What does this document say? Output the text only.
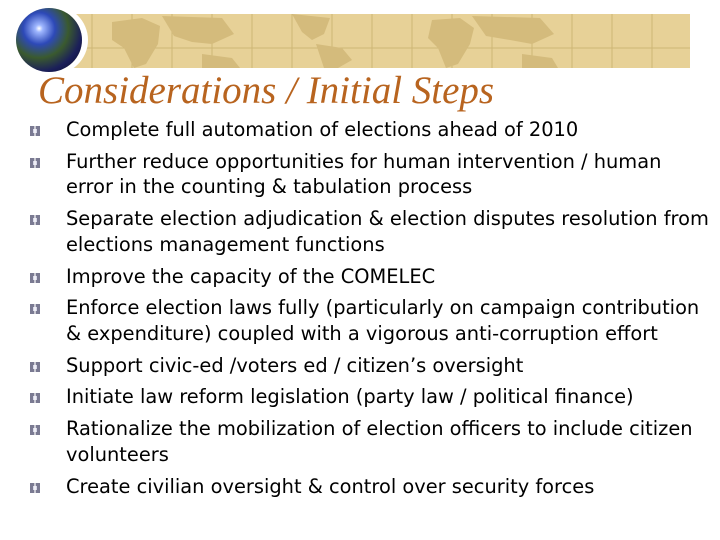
Considerations / Initial Steps
Complete full automation of elections ahead of 2010
Further reduce opportunities for human intervention / human error in the counting & tabulation process
Separate election adjudication & election disputes resolution from elections management functions
Improve the capacity of the COMELEC
Enforce election laws fully (particularly on campaign contribution & expenditure) coupled with a vigorous anti-corruption effort
Support civic-ed /voters ed / citizen’s oversight
Initiate law reform legislation (party law / political finance)
Rationalize the mobilization of election officers to include citizen volunteers
Create civilian oversight & control over security forces
